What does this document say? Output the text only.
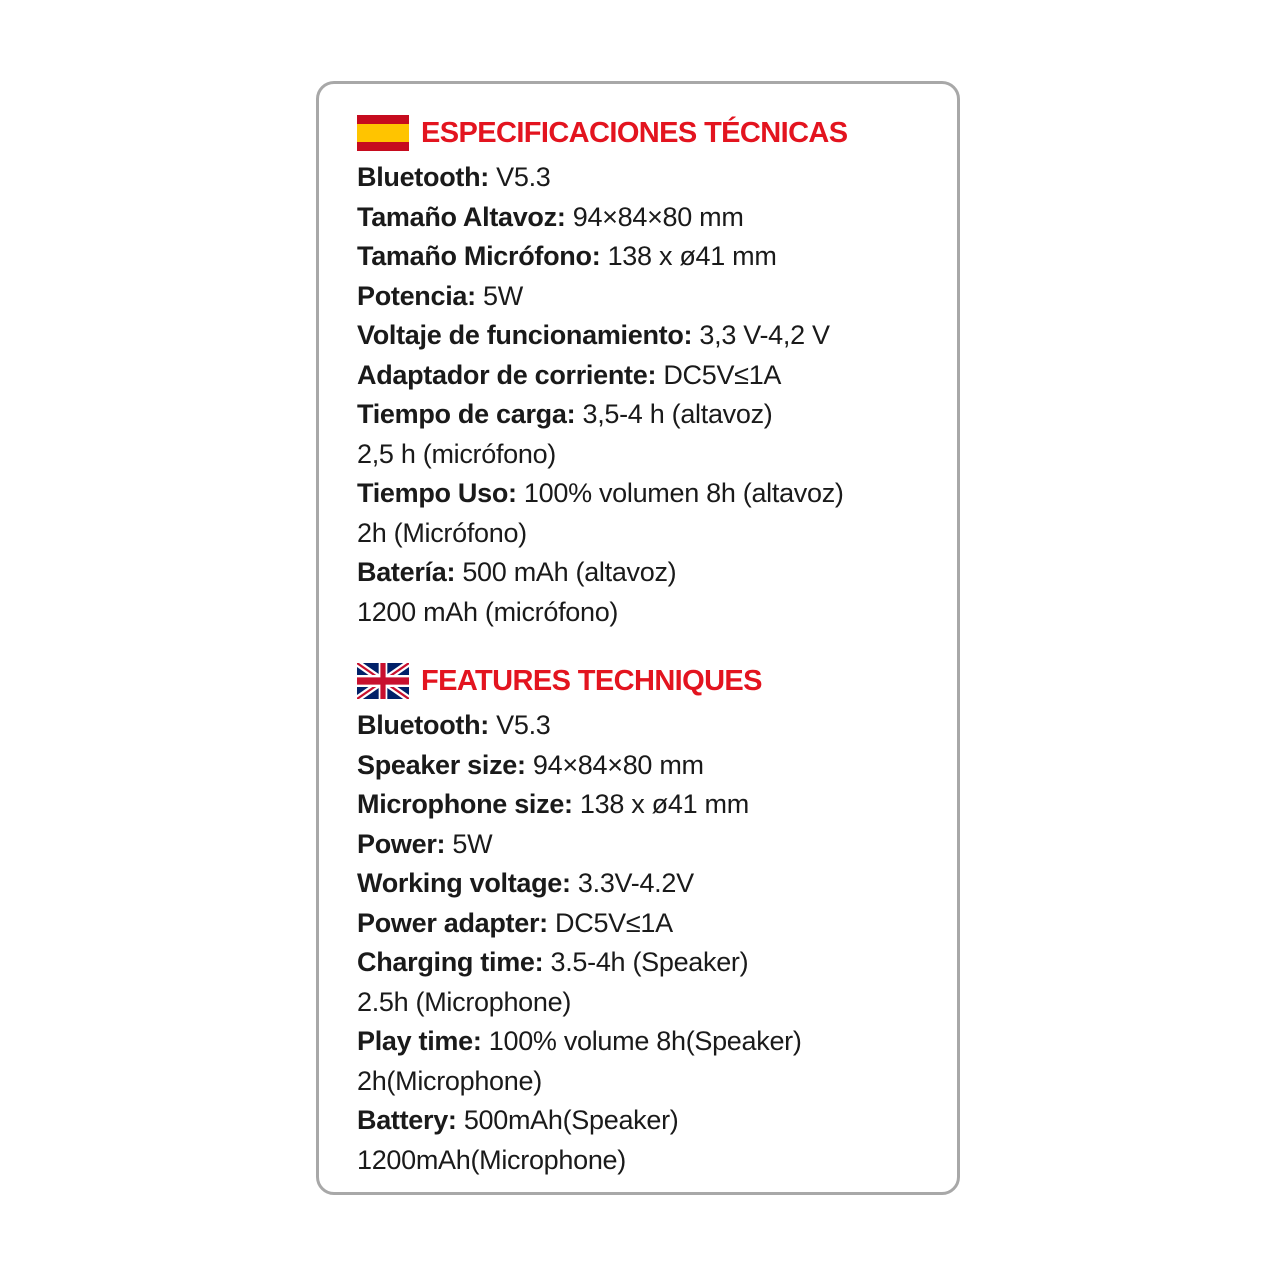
ESPECIFICACIONES TÉCNICAS
Bluetooth: V5.3
Tamaño Altavoz: 94×84×80 mm
Tamaño Micrófono: 138 x ø41 mm
Potencia: 5W
Voltaje de funcionamiento: 3,3 V-4,2 V
Adaptador de corriente: DC5V≤1A
Tiempo de carga: 3,5-4 h (altavoz)
2,5 h (micrófono)
Tiempo Uso: 100% volumen 8h (altavoz)
2h (Micrófono)
Batería: 500 mAh (altavoz)
1200 mAh (micrófono)
FEATURES TECHNIQUES
Bluetooth: V5.3
Speaker size: 94×84×80 mm
Microphone size: 138 x ø41 mm
Power: 5W
Working voltage: 3.3V-4.2V
Power adapter: DC5V≤1A
Charging time: 3.5-4h (Speaker)
2.5h (Microphone)
Play time: 100% volume 8h(Speaker)
2h(Microphone)
Battery: 500mAh(Speaker)
1200mAh(Microphone)
